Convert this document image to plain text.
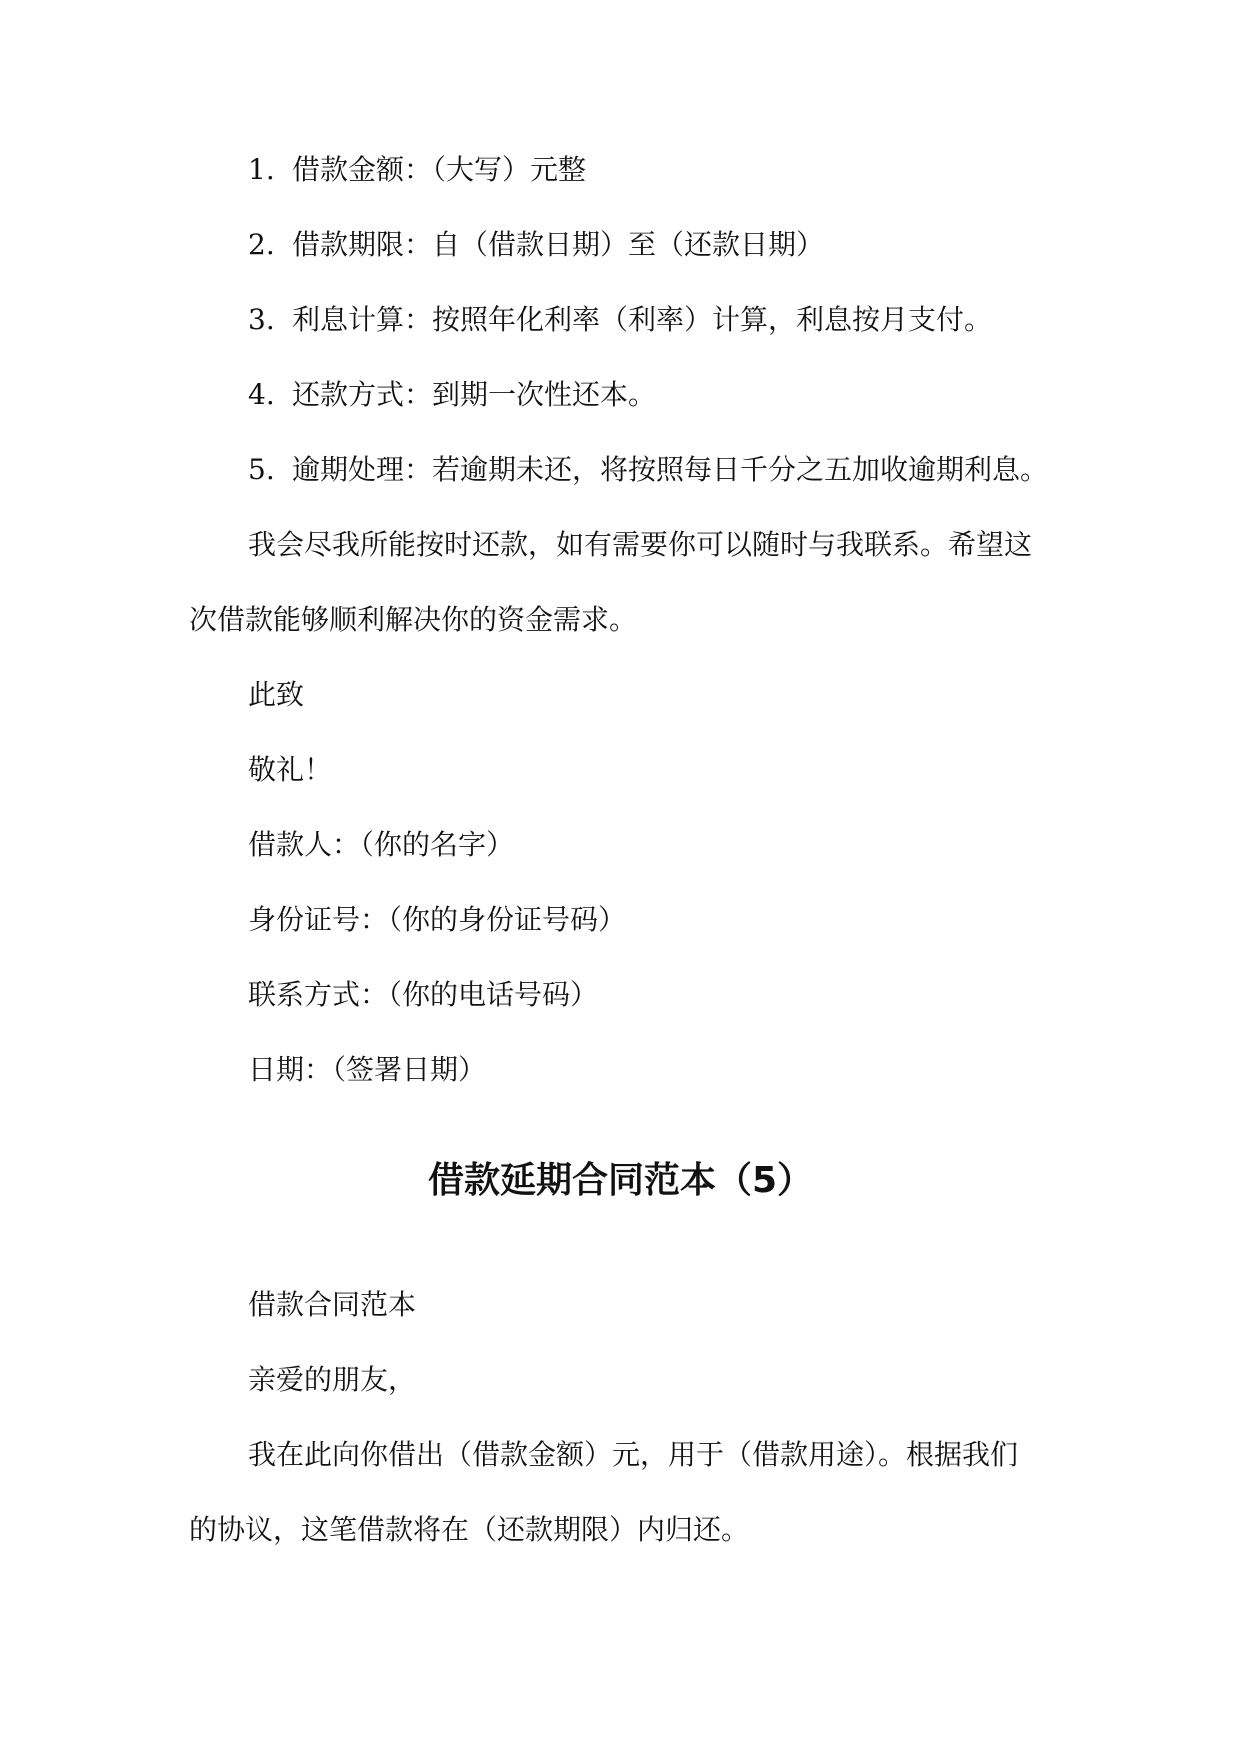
1. 借款金额：（大写）元整
2. 借款期限：自（借款日期）至（还款日期）
3. 利息计算：按照年化利率（利率）计算，利息按月支付。
4. 还款方式：到期一次性还本。
5. 逾期处理：若逾期未还，将按照每日千分之五加收逾期利息。
我会尽我所能按时还款，如有需要你可以随时与我联系。希望这
次借款能够顺利解决你的资金需求。
此致
敬礼！
借款人：（你的名字）
身份证号：（你的身份证号码）
联系方式：（你的电话号码）
日期：（签署日期）
借款延期合同范本（5）
借款合同范本
亲爱的朋友，
我在此向你借出（借款金额）元，用于（借款用途）。根据我们
的协议，这笔借款将在（还款期限）内归还。
